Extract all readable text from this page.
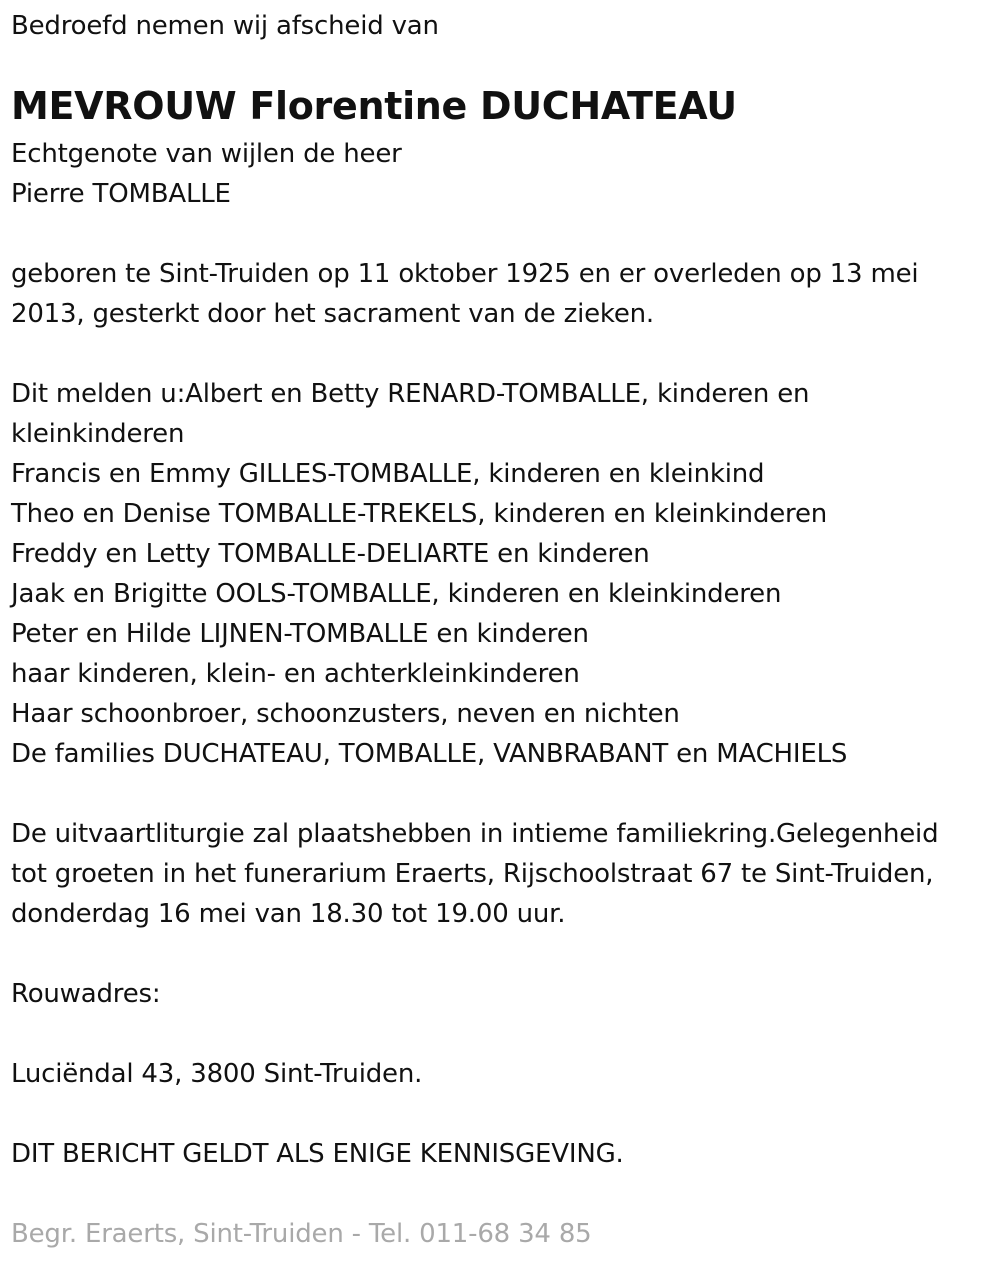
Bedroefd nemen wij afscheid van
MEVROUW Florentine DUCHATEAU
Echtgenote van wijlen de heer
Pierre TOMBALLE
geboren te Sint-Truiden op 11 oktober 1925 en er overleden op 13 mei
2013, gesterkt door het sacrament van de zieken.
Dit melden u:Albert en Betty RENARD-TOMBALLE, kinderen en
kleinkinderen
Francis en Emmy GILLES-TOMBALLE, kinderen en kleinkind
Theo en Denise TOMBALLE-TREKELS, kinderen en kleinkinderen
Freddy en Letty TOMBALLE-DELIARTE en kinderen
Jaak en Brigitte OOLS-TOMBALLE, kinderen en kleinkinderen
Peter en Hilde LIJNEN-TOMBALLE en kinderen
haar kinderen, klein- en achterkleinkinderen
Haar schoonbroer, schoonzusters, neven en nichten
De families DUCHATEAU, TOMBALLE, VANBRABANT en MACHIELS
De uitvaartliturgie zal plaatshebben in intieme familiekring.Gelegenheid
tot groeten in het funerarium Eraerts, Rijschoolstraat 67 te Sint-Truiden,
donderdag 16 mei van 18.30 tot 19.00 uur.
Rouwadres:
Luciëndal 43, 3800 Sint-Truiden.
DIT BERICHT GELDT ALS ENIGE KENNISGEVING.
Begr. Eraerts, Sint-Truiden - Tel. 011-68 34 85
